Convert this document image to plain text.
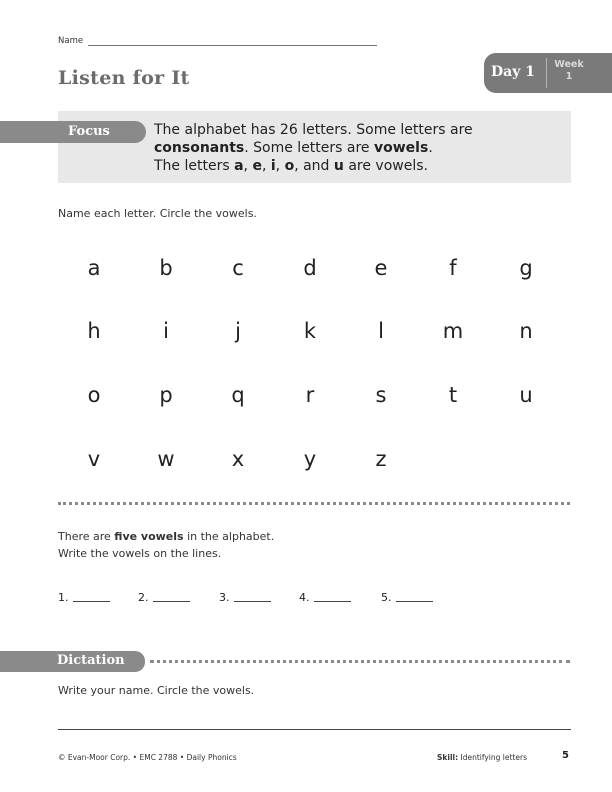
Name
Listen for It	Day 1	Week
1
Focus	The alphabet has 26 letters. Some letters are
consonants. Some letters are vowels.
The letters a, e, i, o, and u are vowels.
Name each letter. Circle the vowels.
a	b	c	d	e	f	g
h	i	j	k	l	m	n
o	p	q	r	s	t	u
v	w	x	y	z
There are five vowels in the alphabet.
Write the vowels on the lines.
1.	2.	3.	4.	5.
Dictation
Write your name. Circle the vowels.
© Evan-Moor Corp. • EMC 2788 • Daily Phonics	Skill: Identifying letters	5
